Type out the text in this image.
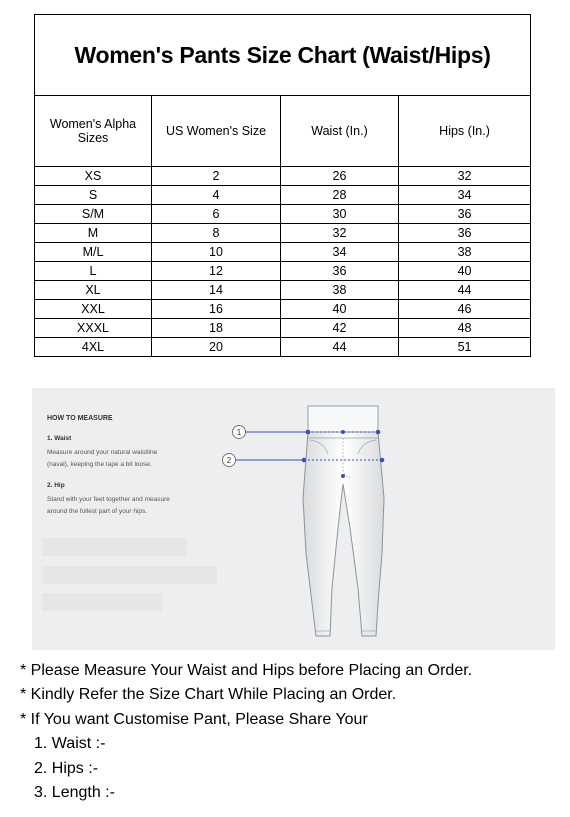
Women's Pants Size Chart (Waist/Hips)			
Women's Alpha Sizes	US Women's Size	Waist (In.)	Hips (In.)
XS	2	26	32
S	4	28	34
S/M	6	30	36
M	8	32	36
M/L	10	34	38
L	12	36	40
XL	14	38	44
XXL	16	40	46
XXXL	18	42	48
4XL	20	44	51
HOW TO MEASURE
1. Waist
Measure around your natural waistline
(naval), keeping the tape a bit loose.
2. Hip
Stand with your feet together and measure
around the fullest part of your hips.
1
2
* Please Measure Your Waist and Hips before Placing an Order.
* Kindly Refer the Size Chart While Placing an Order.
* If You want Customise Pant, Please Share Your
1. Waist :-
2. Hips :-
3. Length :-
